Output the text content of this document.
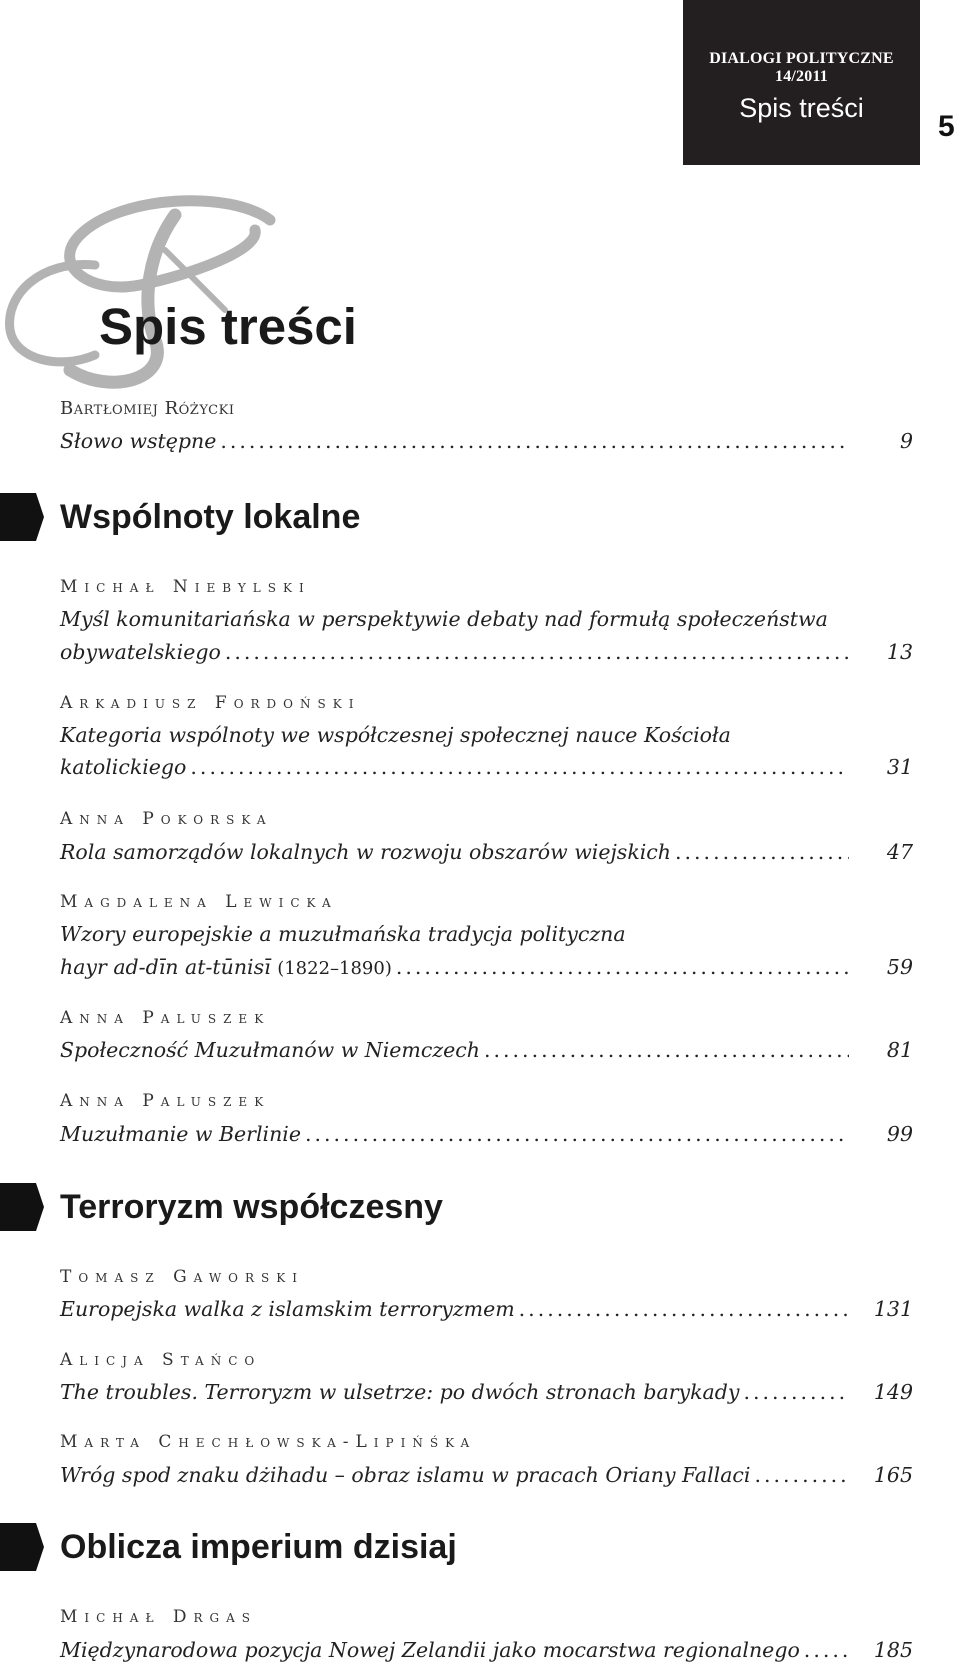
DIALOGI POLITYCZNE 14/2011
Spis treści
5
Spis treści
Bartłomiej Różycki
Słowo wstępne .....	9
Wspólnoty lokalne
Michał Niebylski
Myśl komunitariańska w perspektywie debaty nad formułą społeczeństwa
obywatelskiego .....	13
Arkadiusz Fordoński
Kategoria wspólnoty we współczesnej społecznej nauce Kościoła
katolickiego .....	31
Anna Pokorska
Rola samorządów lokalnych w rozwoju obszarów wiejskich .....	47
Magdalena Lewicka
Wzory europejskie a muzułmańska tradycja polityczna
hayr ad-dīn at-tūnisī (1822–1890) .....	59
Anna Paluszek
Społeczność Muzułmanów w Niemczech .....	81
Anna Paluszek
Muzułmanie w Berlinie .....	99
Terroryzm współczesny
Tomasz Gaworski
Europejska walka z islamskim terroryzmem .....	131
Alicja Stańco
The troubles. Terroryzm w ulsetrze: po dwóch stronach barykady .....	149
Marta Chechłowska-Lipińśka
Wróg spod znaku dżihadu – obraz islamu w pracach Oriany Fallaci .....	165
Oblicza imperium dzisiaj
Michał Drgas
Międzynarodowa pozycja Nowej Zelandii jako mocarstwa regionalnego .....	185
